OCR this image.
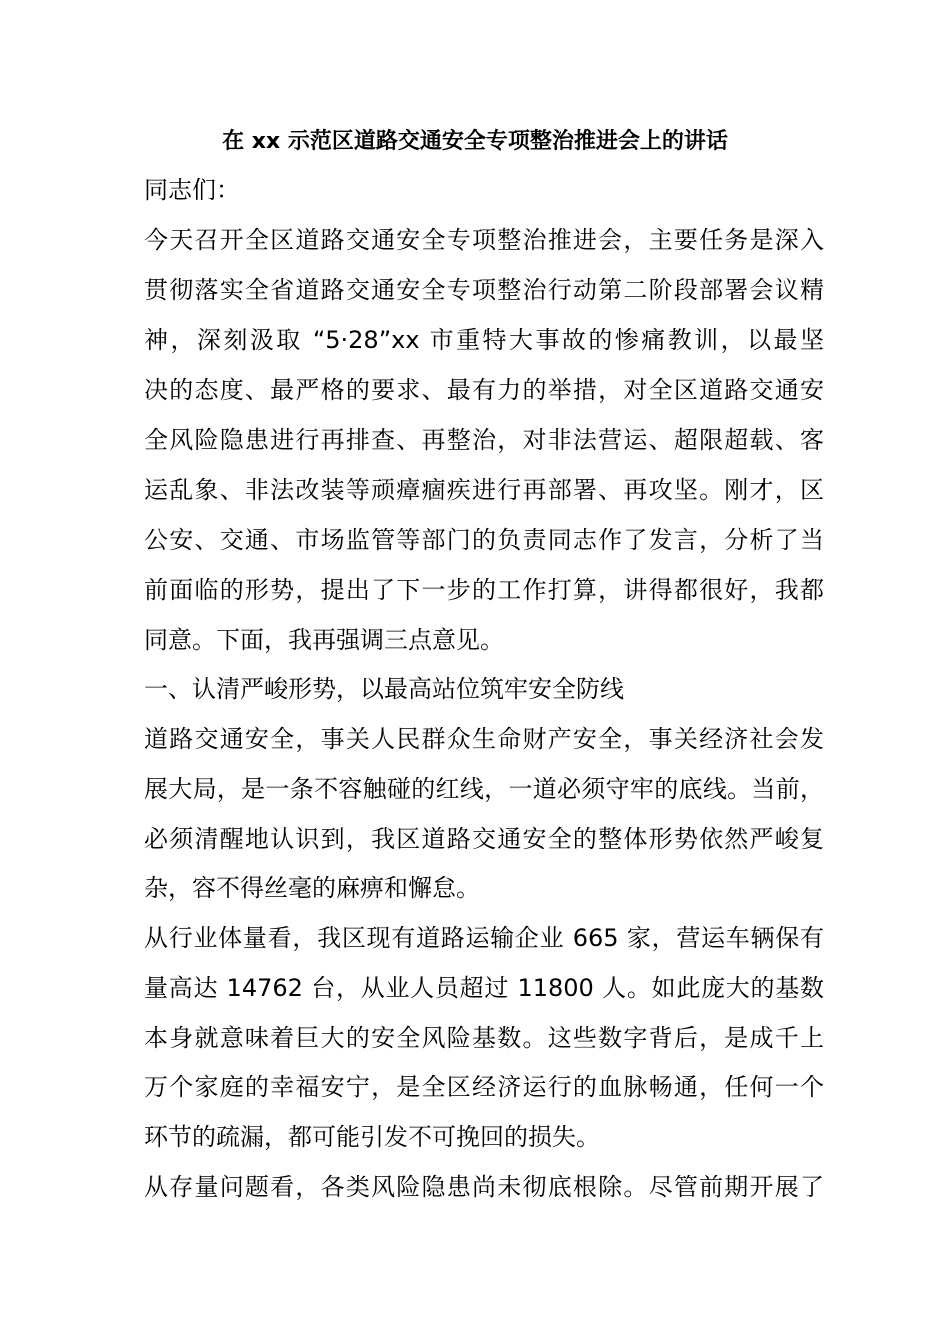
在 xx 示范区道路交通安全专项整治推进会上的讲话
同志们：
今天召开全区道路交通安全专项整治推进会，主要任务是深入
贯彻落实全省道路交通安全专项整治行动第二阶段部署会议精
神，深刻汲取 “5·28”xx 市重特大事故的惨痛教训，以最坚
决的态度、最严格的要求、最有力的举措，对全区道路交通安
全风险隐患进行再排查、再整治，对非法营运、超限超载、客
运乱象、非法改装等顽瘴痼疾进行再部署、再攻坚。刚才，区
公安、交通、市场监管等部门的负责同志作了发言，分析了当
前面临的形势，提出了下一步的工作打算，讲得都很好，我都
同意。下面，我再强调三点意见。
一、认清严峻形势，以最高站位筑牢安全防线
道路交通安全，事关人民群众生命财产安全，事关经济社会发
展大局，是一条不容触碰的红线，一道必须守牢的底线。当前，
必须清醒地认识到，我区道路交通安全的整体形势依然严峻复
杂，容不得丝毫的麻痹和懈怠。
从行业体量看，我区现有道路运输企业 665 家，营运车辆保有
量高达 14762 台，从业人员超过 11800 人。如此庞大的基数
本身就意味着巨大的安全风险基数。这些数字背后，是成千上
万个家庭的幸福安宁，是全区经济运行的血脉畅通，任何一个
环节的疏漏，都可能引发不可挽回的损失。
从存量问题看，各类风险隐患尚未彻底根除。尽管前期开展了
